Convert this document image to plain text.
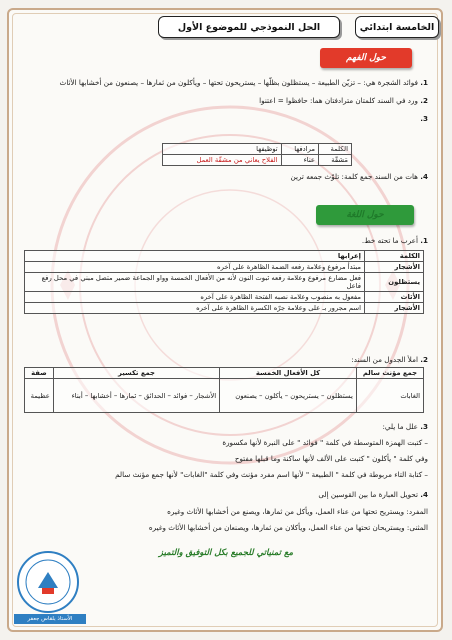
الحل النموذجي للموضوع الأول	الخامسة ابتدائي
حول الفهم
1. فوائد الشجرة هي: – تزيّن الطبيعة – يستظلون بظلّها – يستريحون تحتها – ويأكلون من ثمارها – يصنعون من أخشابها الأثاث
2. ورد في السند كلمتان مترادفتان هما: حافظوا = اعتنوا
3.
الكلمة	مرادفها	توظيفها
مَشقّة	عناء	الفلاح يعاني من مشقّة العمل
4. هات من السند جمع كلمة: تلوّث جمعه ترين
حول اللغة
1. أعرب ما تحته خط.
الكلمة	إعرابها
الأشجار	مبتدأ مرفوع وعلامة رفعه الضمة الظاهرة على آخره
يستظلون	فعل مضارع مرفوع وعلامة رفعه ثبوت النون لأنه من الأفعال الخمسة وواو الجماعة ضمير متصل مبني في محل رفع فاعل
الأثاث	مفعول به منصوب وعلامة نصبه الفتحة الظاهرة على آخره
الأشجار	اسم مجرور بـ على وعلامة جرّه الكسرة الظاهرة على آخره
2. املأ الجدول من السند:
جمع مؤنث سالم	كل الأفعال الخمسة	جمع تكسير	صفة
الغابات	يستظلون – يستريحون – يأكلون – يصنعون	الأشجار – فوائد – الحدائق – ثمارها – أخشابها – أبناء	عظيمة
3. علل ما يلي:
– كتبت الهمزة المتوسطة في كلمة " فوائد " على النبرة لأنها مكسورة
وفي كلمة " يأكلون " كتبت على الألف لأنها ساكنة وما قبلها مفتوح
– كتابة التاء مربوطة في كلمة " الطبيعة " لأنها اسم مفرد مؤنث وفي كلمة "الغابات" لأنها جمع مؤنث سالم
4. تحويل العبارة ما بين القوسين إلى
المفرد: ويستريح تحتها من عناء العمل، ويأكل من ثمارها، ويصنع من أخشابها الأثاث وغيره
المثنى: ويستريحان تحتها من عناء العمل، ويأكلان من ثمارها، ويصنعان من أخشابها الأثاث وغيره
مع تمنياتي للجميع بكل التوفيق والتميز
الأستاذ بلقاس جعفر
